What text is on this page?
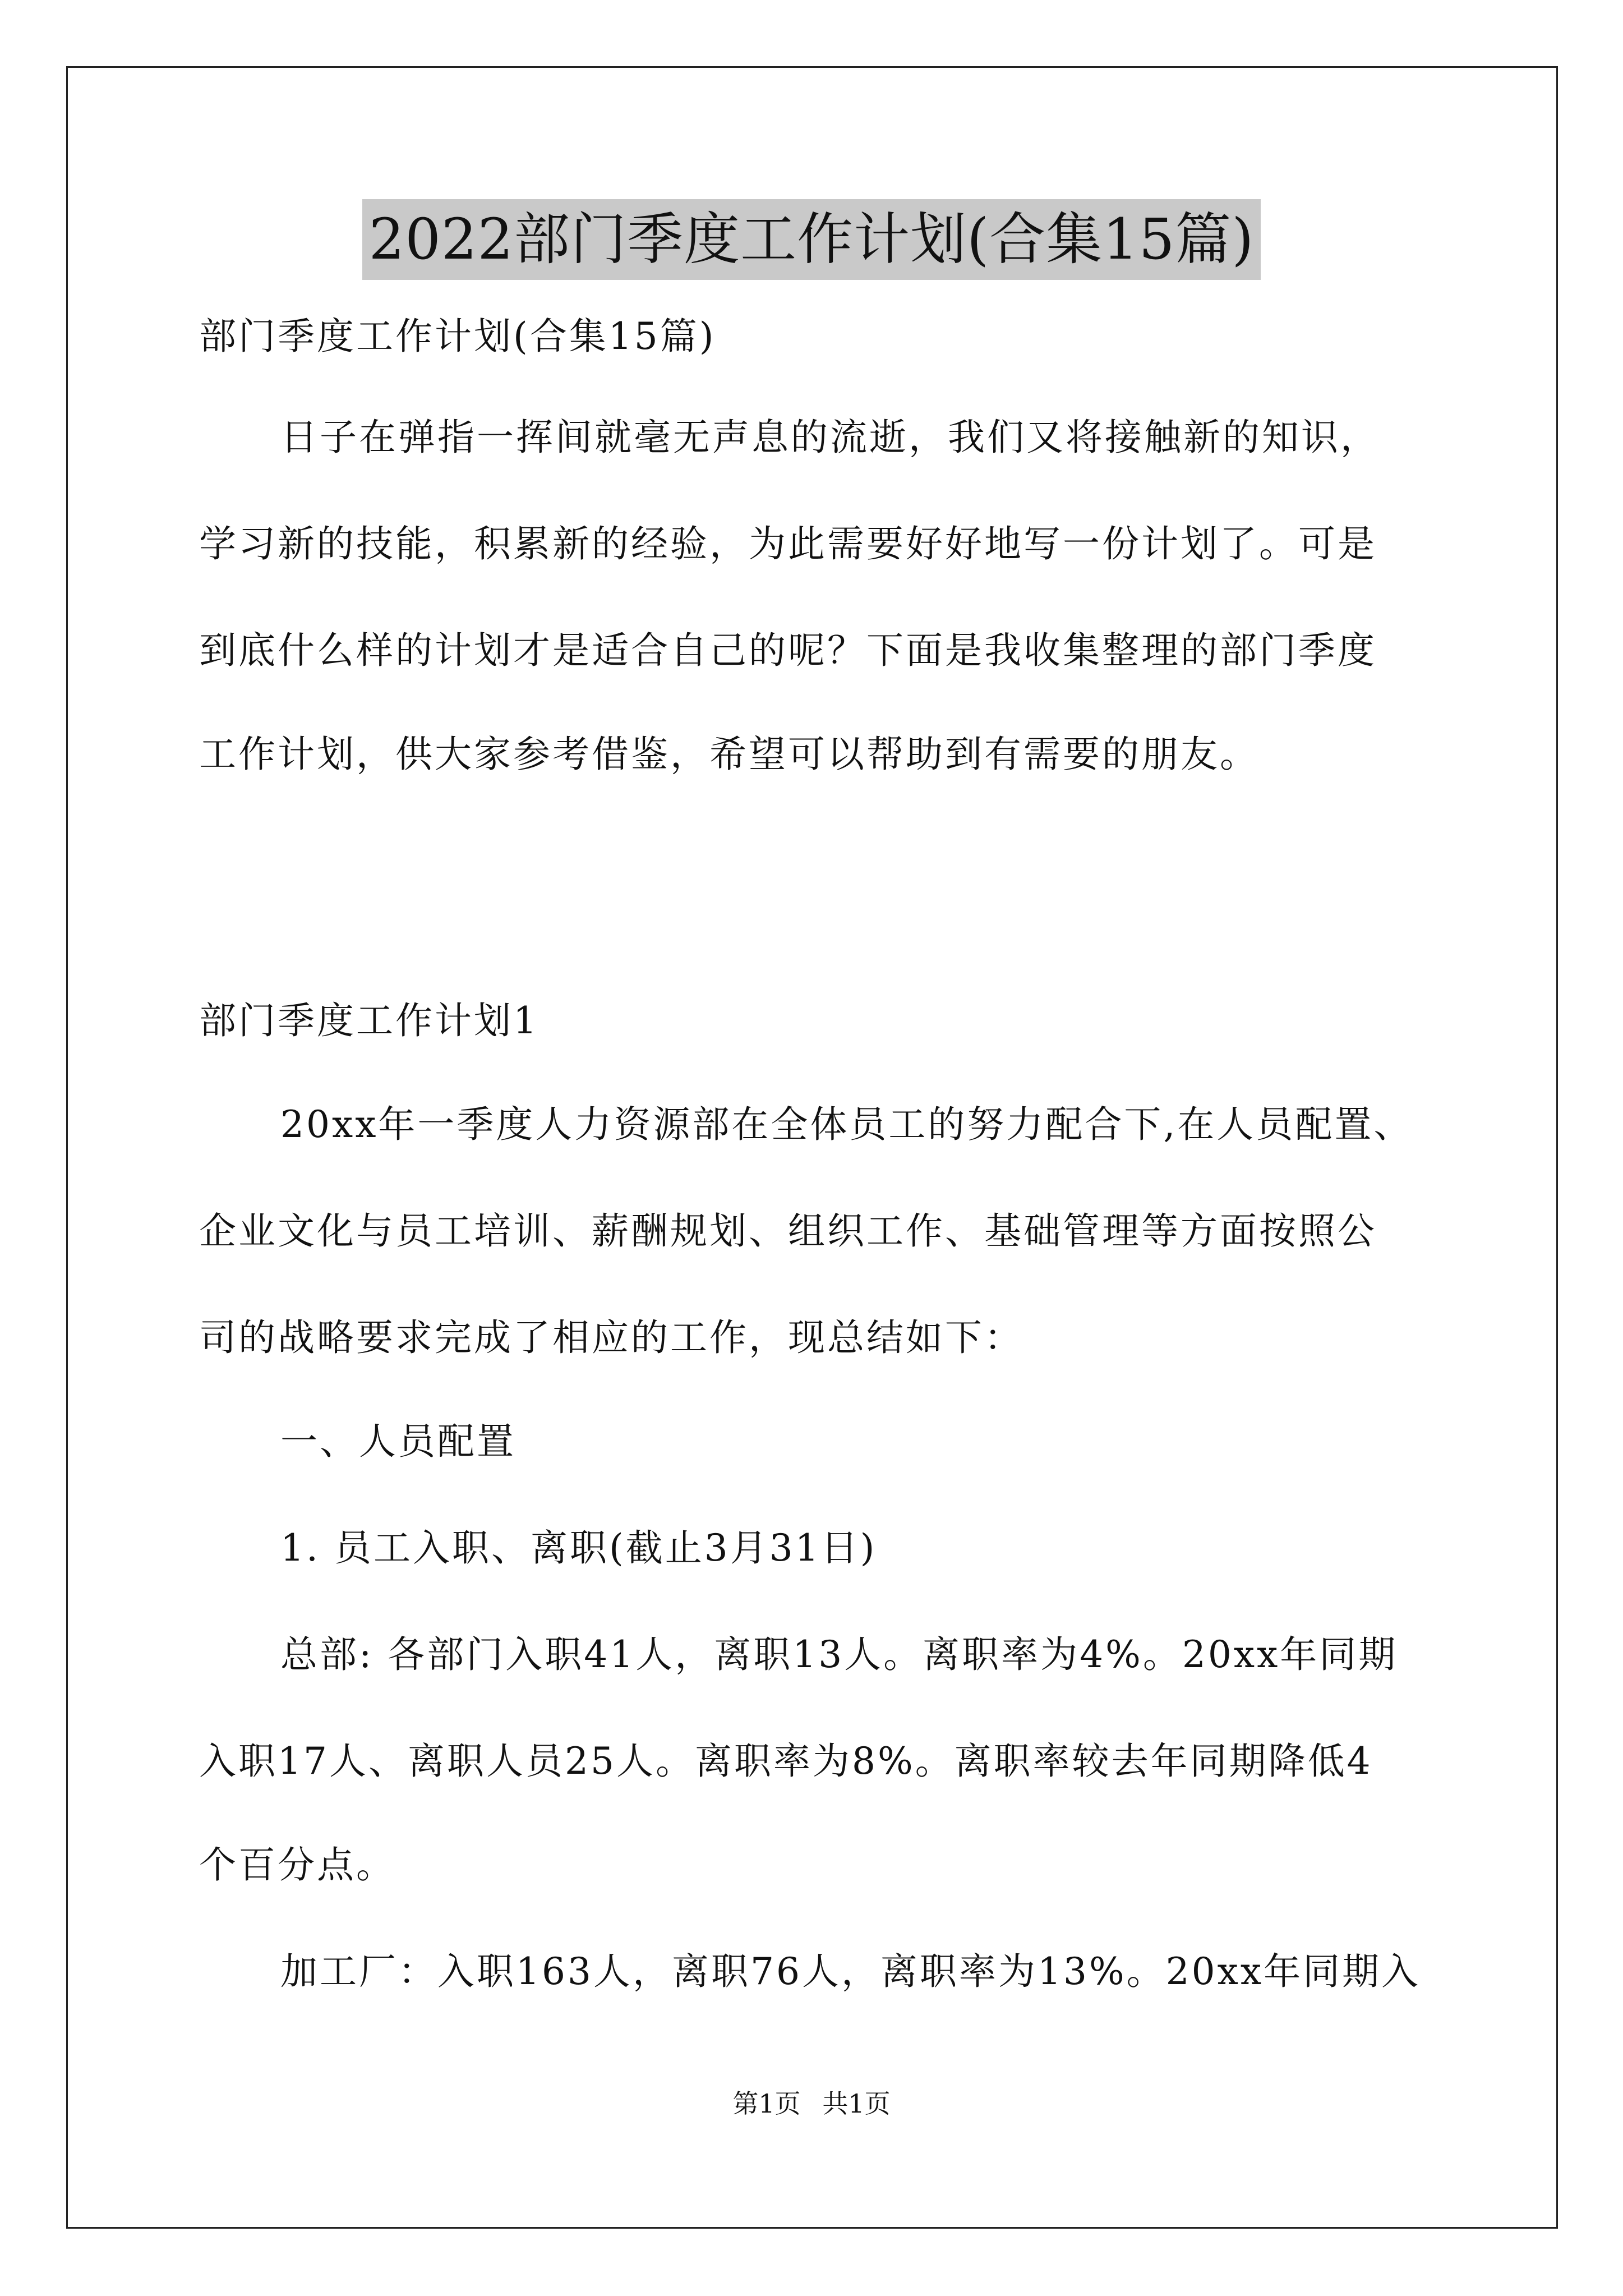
2022部门季度工作计划(合集15篇)
部门季度工作计划(合集15篇)
日子在弹指一挥间就毫无声息的流逝，我们又将接触新的知识，
学习新的技能，积累新的经验，为此需要好好地写一份计划了。可是
到底什么样的计划才是适合自己的呢？下面是我收集整理的部门季度
工作计划，供大家参考借鉴，希望可以帮助到有需要的朋友。
部门季度工作计划1
20xx年一季度人力资源部在全体员工的努力配合下,在人员配置、
企业文化与员工培训、薪酬规划、组织工作、基础管理等方面按照公
司的战略要求完成了相应的工作，现总结如下：
一、人员配置
1. 员工入职、离职(截止3月31日)
总部: 各部门入职41人，离职13人。离职率为4%。20xx年同期
入职17人、离职人员25人。离职率为8%。离职率较去年同期降低4
个百分点。
加工厂：入职163人，离职76人，离职率为13%。20xx年同期入
第1页 共1页
